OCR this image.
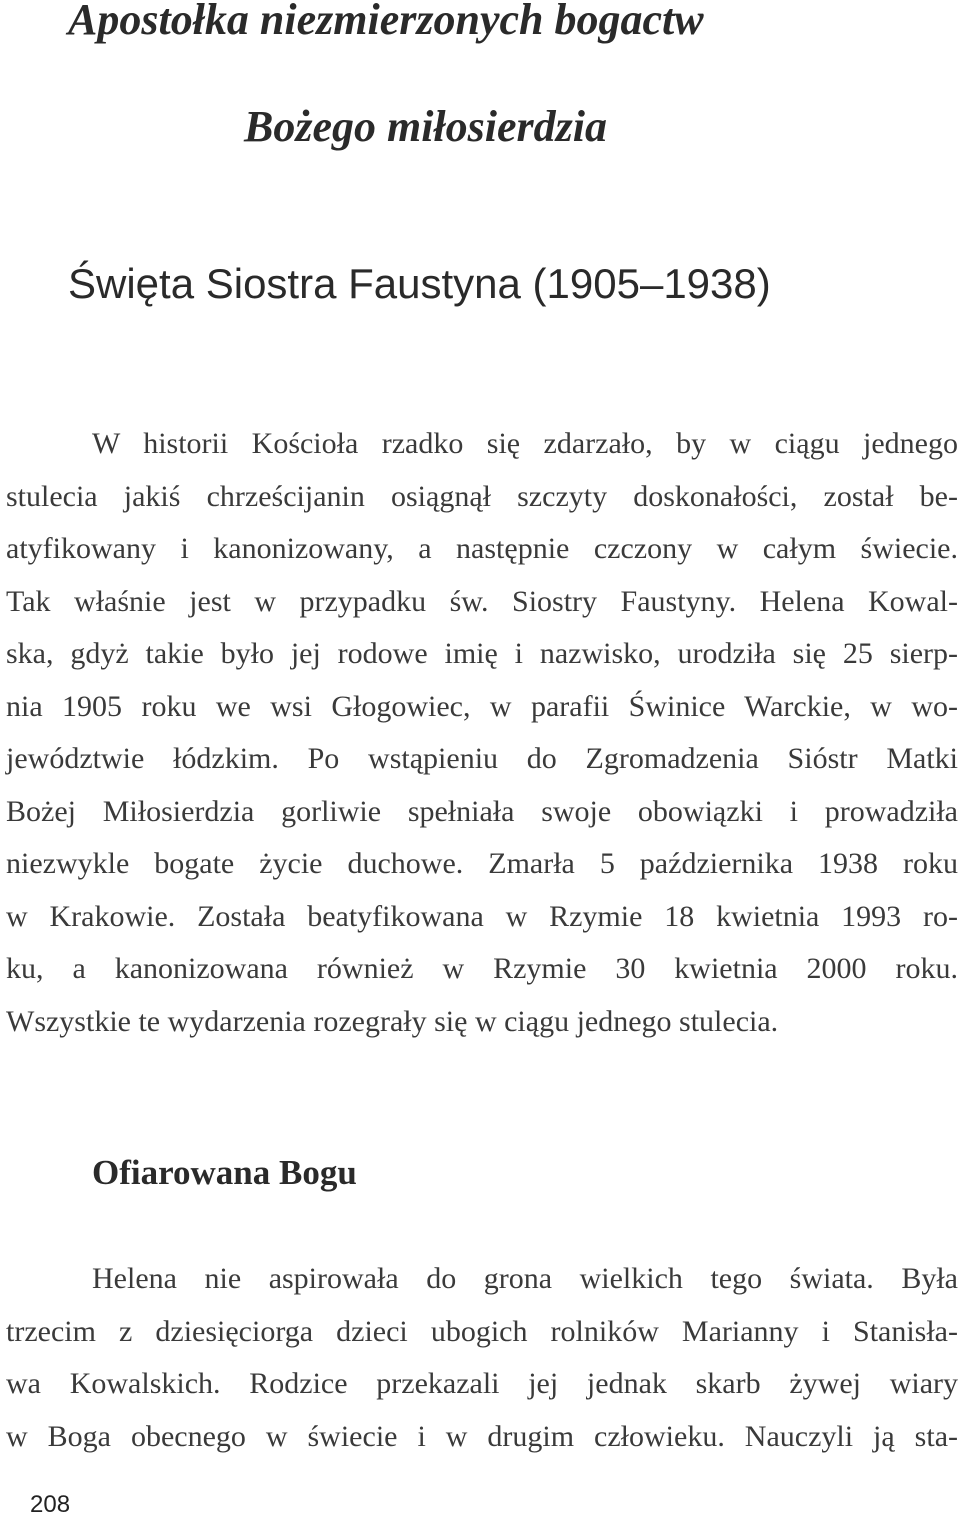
Apostołka niezmierzonych bogactw
Bożego miłosierdzia
Święta Siostra Faustyna (1905–1938)
W historii Kościoła rzadko się zdarzało, by w ciągu jednego
stulecia jakiś chrześcijanin osiągnął szczyty doskonałości, został be-
atyfikowany i kanonizowany, a następnie czczony w całym świecie.
Tak właśnie jest w przypadku św. Siostry Faustyny. Helena Kowal-
ska, gdyż takie było jej rodowe imię i nazwisko, urodziła się 25 sierp-
nia 1905 roku we wsi Głogowiec, w parafii Świnice Warckie, w wo-
jewództwie łódzkim. Po wstąpieniu do Zgromadzenia Sióstr Matki
Bożej Miłosierdzia gorliwie spełniała swoje obowiązki i prowadziła
niezwykle bogate życie duchowe. Zmarła 5 października 1938 roku
w Krakowie. Została beatyfikowana w Rzymie 18 kwietnia 1993 ro-
ku, a kanonizowana również w Rzymie 30 kwietnia 2000 roku.
Wszystkie te wydarzenia rozegrały się w ciągu jednego stulecia.
Ofiarowana Bogu
Helena nie aspirowała do grona wielkich tego świata. Była
trzecim z dziesięciorga dzieci ubogich rolników Marianny i Stanisła-
wa Kowalskich. Rodzice przekazali jej jednak skarb żywej wiary
w Boga obecnego w świecie i w drugim człowieku. Nauczyli ją sta-
208
